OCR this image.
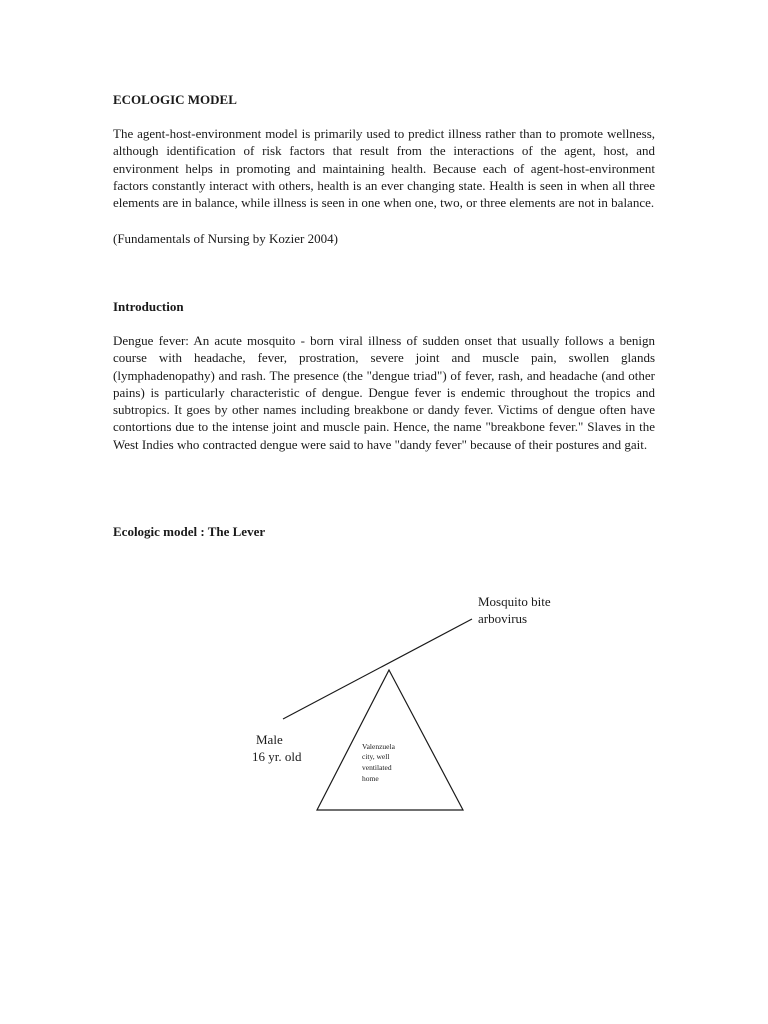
ECOLOGIC MODEL

The agent-host-environment model is primarily used to predict illness rather than to promote wellness, although identification of risk factors that result from the interactions of the agent, host, and environment helps in promoting and maintaining health. Because each of agent-host-environment factors constantly interact with others, health is an ever changing state. Health is seen in when all three elements are in balance, while illness is seen in one when one, two, or three elements are not in balance.

(Fundamentals of Nursing by Kozier 2004)

Introduction

Dengue fever: An acute mosquito - born viral illness of sudden onset that usually follows a benign course with headache, fever, prostration, severe joint and muscle pain, swollen glands (lymphadenopathy) and rash. The presence (the "dengue triad") of fever, rash, and headache (and other pains) is particularly characteristic of dengue. Dengue fever is endemic throughout the tropics and subtropics. It goes by other names including breakbone or dandy fever. Victims of dengue often have contortions due to the intense joint and muscle pain. Hence, the name "breakbone fever." Slaves in the West Indies who contracted dengue were said to have "dandy fever" because of their postures and gait.

Ecologic model : The Lever
Mosquito bite
arbovirus
Male
16 yr. old
Valenzuela
city, well
ventilated
home
